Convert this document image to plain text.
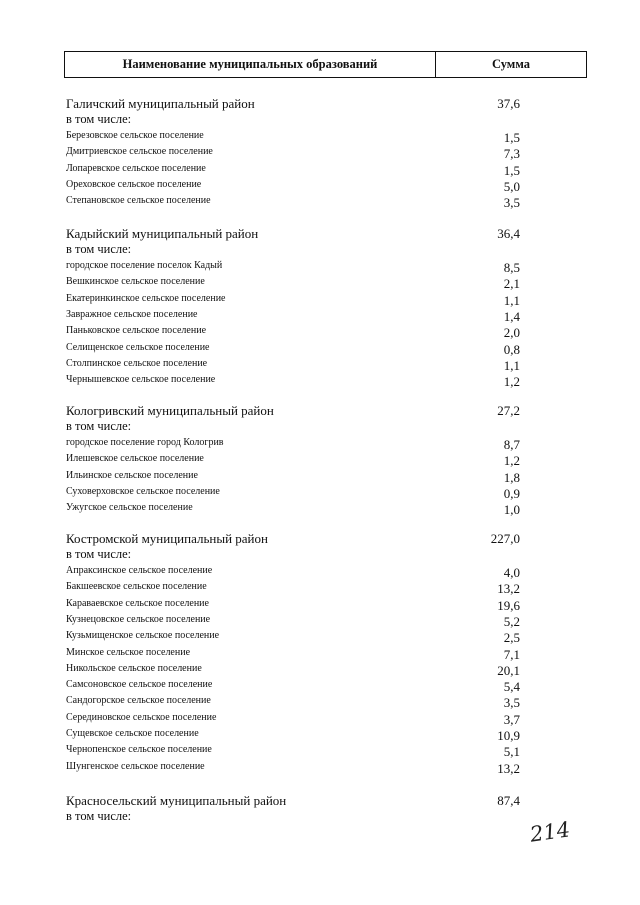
Наименование муниципальных образований	Сумма
Галичский муниципальный район	37,6
в том числе:
Березовское сельское поселение	1,5
Дмитриевское сельское поселение	7,3
Лопаревское сельское поселение	1,5
Ореховское сельское поселение	5,0
Степановское сельское поселение	3,5
Кадыйский муниципальный район	36,4
в том числе:
городское поселение поселок Кадый	8,5
Вешкинское сельское поселение	2,1
Екатеринкинское сельское поселение	1,1
Завражное сельское поселение	1,4
Паньковское сельское поселение	2,0
Селищенское сельское поселение	0,8
Столпинское сельское поселение	1,1
Чернышевское сельское поселение	1,2
Кологривский муниципальный район	27,2
в том числе:
городское поселение город Кологрив	8,7
Илешевское сельское поселение	1,2
Ильинское сельское поселение	1,8
Суховерховское сельское поселение	0,9
Ужугское сельское поселение	1,0
Костромской муниципальный район	227,0
в том числе:
Апраксинское сельское поселение	4,0
Бакшеевское сельское поселение	13,2
Караваевское сельское поселение	19,6
Кузнецовское сельское поселение	5,2
Кузьмищенское сельское поселение	2,5
Минское сельское поселение	7,1
Никольское сельское поселение	20,1
Самсоновское сельское поселение	5,4
Сандогорское сельское поселение	3,5
Серединовское сельское поселение	3,7
Сущевское сельское поселение	10,9
Чернопенское сельское поселение	5,1
Шунгенское сельское поселение	13,2
Красносельский муниципальный район	87,4
в том числе:
214
